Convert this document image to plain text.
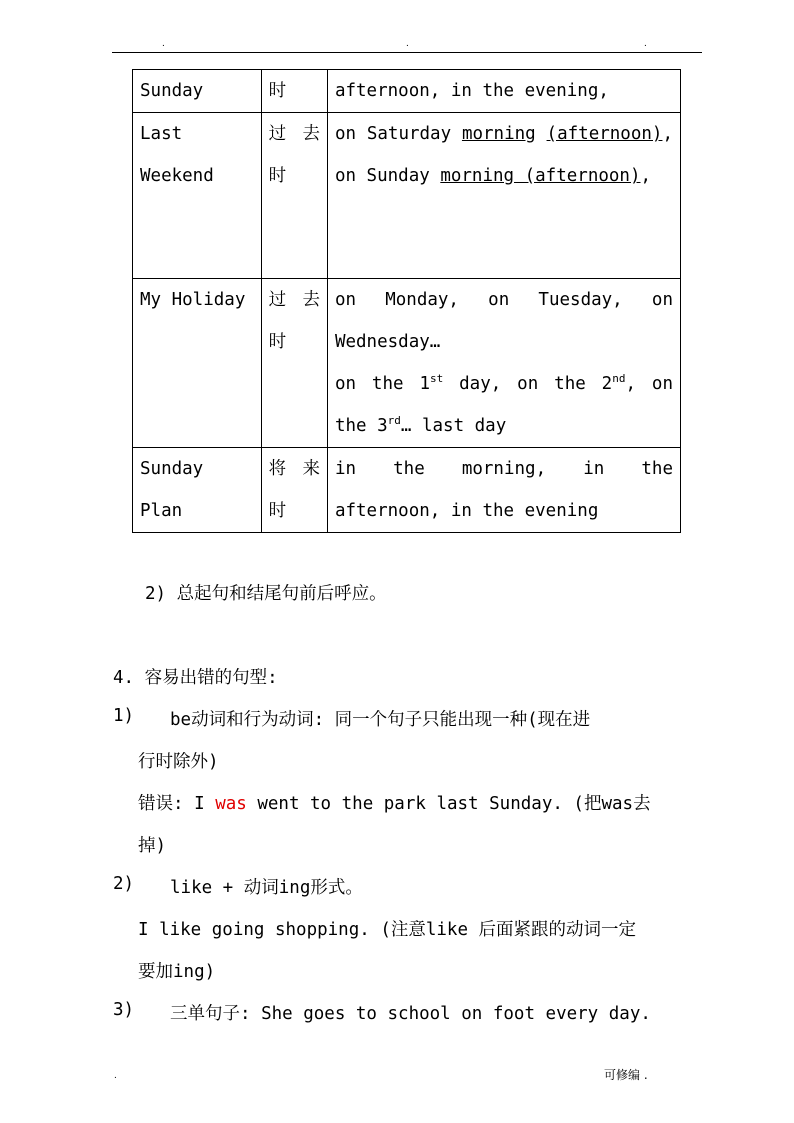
.	.	.
Sunday	时	afternoon, in the evening,
Last Weekend	过去时	on Saturday morning (afternoon),
on Sunday morning (afternoon),

My Holiday	过去时	on Monday, on Tuesday, on
Wednesday…
on the 1st day, on the 2nd, on
the 3rd… last day

Sunday Plan	将来时	in the morning, in the afternoon, in the evening
2) 总起句和结尾句前后呼应。
4. 容易出错的句型:
1) be动词和行为动词: 同一个句子只能出现一种(现在进
行时除外)
错误: I was went to the park last Sunday. (把was去
掉)
2) like + 动词ing形式。
I like going shopping. (注意like 后面紧跟的动词一定
要加ing)
3) 三单句子: She goes to school on foot every day.
.	可修编 .
